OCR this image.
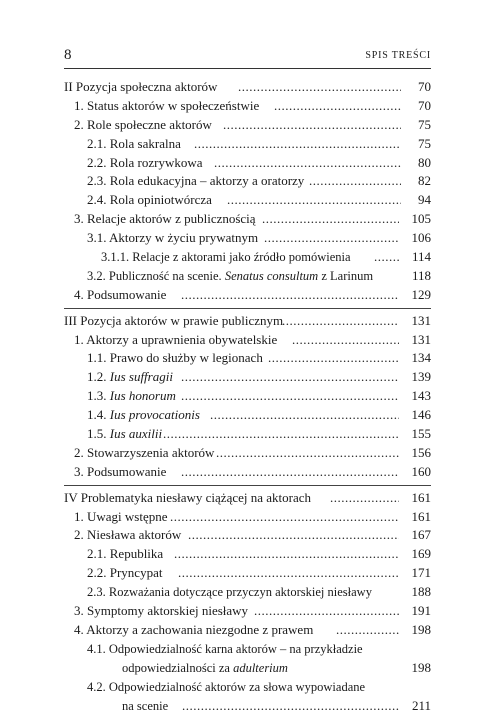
8	SPIS TREŚCI
II Pozycja społeczna aktorów .....	70
1. Status aktorów w społeczeństwie .....	70
2. Role społeczne aktorów .....	75
2.1. Rola sakralna .....	75
2.2. Rola rozrywkowa .....	80
2.3. Rola edukacyjna – aktorzy a oratorzy .....	82
2.4. Rola opiniotwórcza .....	94
3. Relacje aktorów z publicznością .....	105
3.1. Aktorzy w życiu prywatnym .....	106
3.1.1. Relacje z aktorami jako źródło pomówienia .....	114
3.2. Publiczność na scenie. Senatus consultum z Larinum	118
4. Podsumowanie .....	129
III Pozycja aktorów w prawie publicznym .....	131
1. Aktorzy a uprawnienia obywatelskie .....	131
1.1. Prawo do służby w legionach .....	134
1.2. Ius suffragii .....	139
1.3. Ius honorum .....	143
1.4. Ius provocationis .....	146
1.5. Ius auxilii .....	155
2. Stowarzyszenia aktorów .....	156
3. Podsumowanie .....	160
IV Problematyka niesławy ciążącej na aktorach .....	161
1. Uwagi wstępne .....	161
2. Niesława aktorów .....	167
2.1. Republika .....	169
2.2. Pryncypat .....	171
2.3. Rozważania dotyczące przyczyn aktorskiej niesławy	188
3. Symptomy aktorskiej niesławy .....	191
4. Aktorzy a zachowania niezgodne z prawem .....	198
4.1. Odpowiedzialność karna aktorów – na przykładzie
odpowiedzialności za adulterium	198
4.2. Odpowiedzialność aktorów za słowa wypowiadane
na scenie .....	211
